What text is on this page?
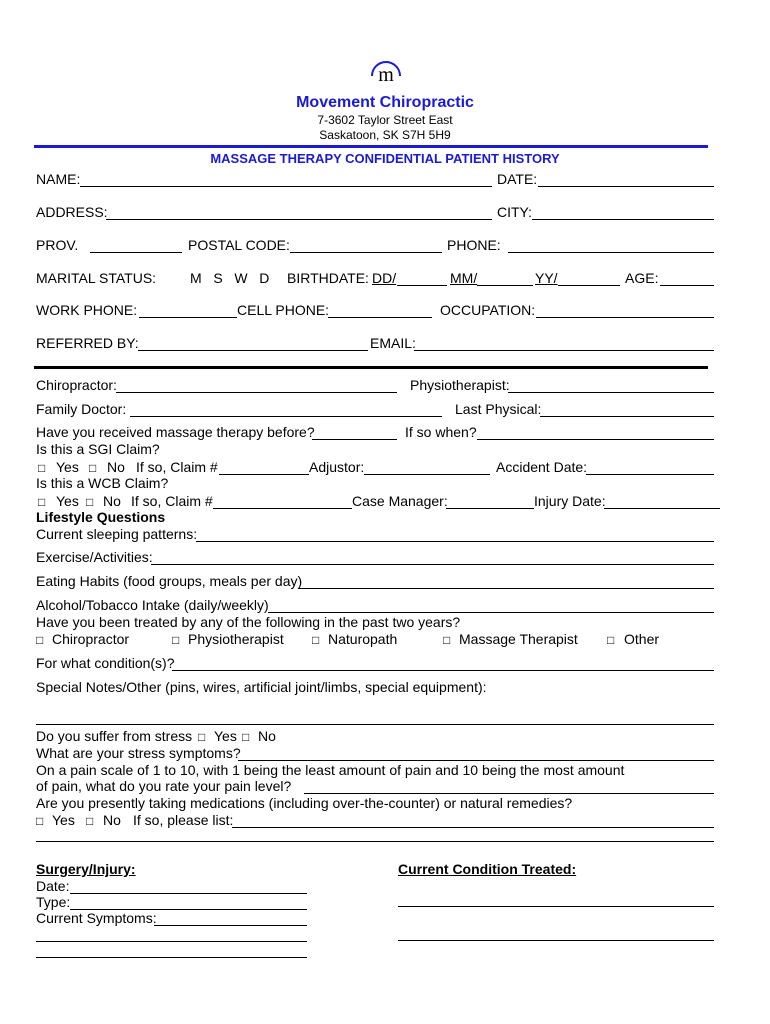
m
Movement Chiropractic
7-3602 Taylor Street East
Saskatoon, SK S7H 5H9
MASSAGE THERAPY CONFIDENTIAL PATIENT HISTORY
NAME:	DATE:
ADDRESS:	CITY:
PROV.	POSTAL CODE:	PHONE:
MARITAL STATUS: M   S   W   D BIRTHDATE: DD/	MM/	YY/	AGE:
WORK PHONE:	CELL PHONE:	OCCUPATION:
REFERRED BY:	EMAIL:
Chiropractor:	Physiotherapist:
Family Doctor:	Last Physical:
Have you received massage therapy before?	If so when?
Is this a SGI Claim?
□ Yes □ No If so, Claim #	Adjustor:	Accident Date:
Is this a WCB Claim?
□ Yes □ No If so, Claim #	Case Manager:	Injury Date:
Lifestyle Questions
Current sleeping patterns:
Exercise/Activities:
Eating Habits (food groups, meals per day)
Alcohol/Tobacco Intake (daily/weekly)
Have you been treated by any of the following in the past two years?
□ Chiropractor	□ Physiotherapist □ Naturopath	□ Massage Therapist □ Other
For what condition(s)?
Special Notes/Other (pins, wires, artificial joint/limbs, special equipment):
Do you suffer from stress □ Yes □ No
What are your stress symptoms?
On a pain scale of 1 to 10, with 1 being the least amount of pain and 10 being the most amount
of pain, what do you rate your pain level?
Are you presently taking medications (including over-the-counter) or natural remedies?
□ Yes □ No If so, please list:
Surgery/Injury:	Current Condition Treated:
Date:
Type:
Current Symptoms:
